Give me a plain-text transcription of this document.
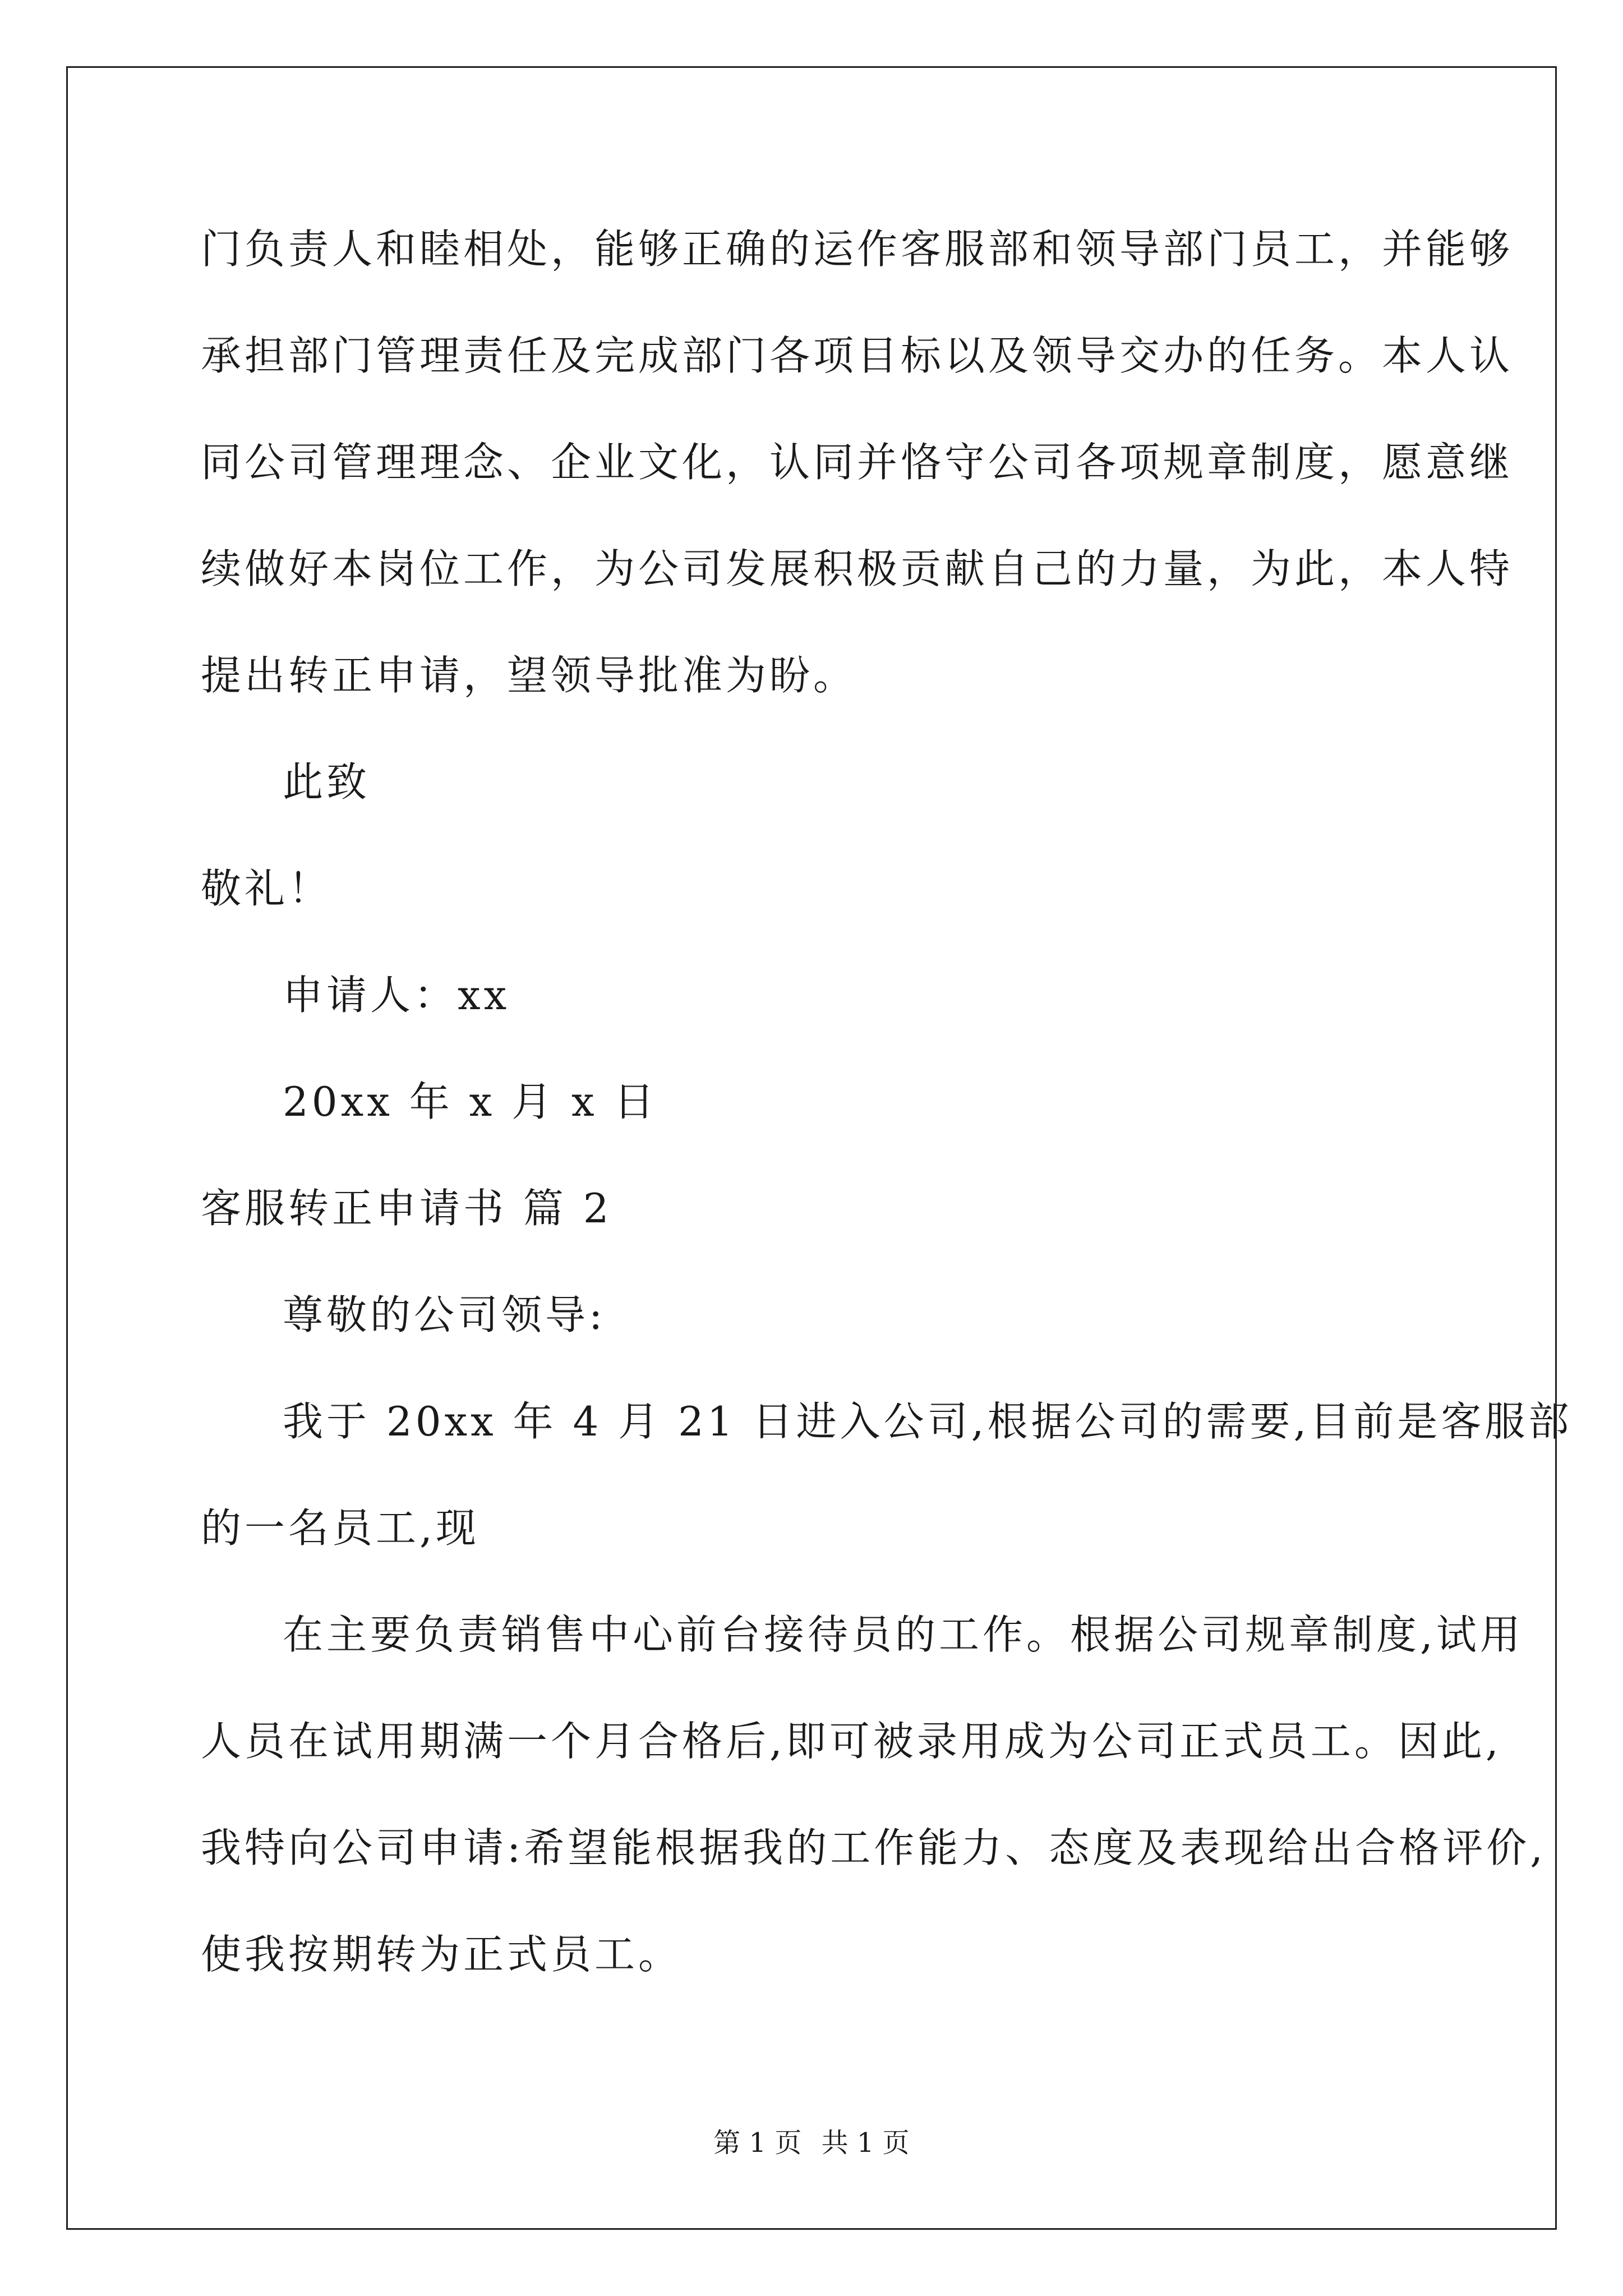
门负责人和睦相处，能够正确的运作客服部和领导部门员工，并能够

承担部门管理责任及完成部门各项目标以及领导交办的任务。本人认

同公司管理理念、企业文化，认同并恪守公司各项规章制度，愿意继

续做好本岗位工作，为公司发展积极贡献自己的力量，为此，本人特

提出转正申请，望领导批准为盼。

此致

敬礼！

申请人：xx

20xx 年 x 月 x 日

客服转正申请书 篇 2

尊敬的公司领导:

我于 20xx 年 4 月 21 日进入公司,根据公司的需要,目前是客服部

的一名员工,现

在主要负责销售中心前台接待员的工作。根据公司规章制度,试用

人员在试用期满一个月合格后,即可被录用成为公司正式员工。因此,

我特向公司申请:希望能根据我的工作能力、态度及表现给出合格评价,

使我按期转为正式员工。

第 1 页 共 1 页
